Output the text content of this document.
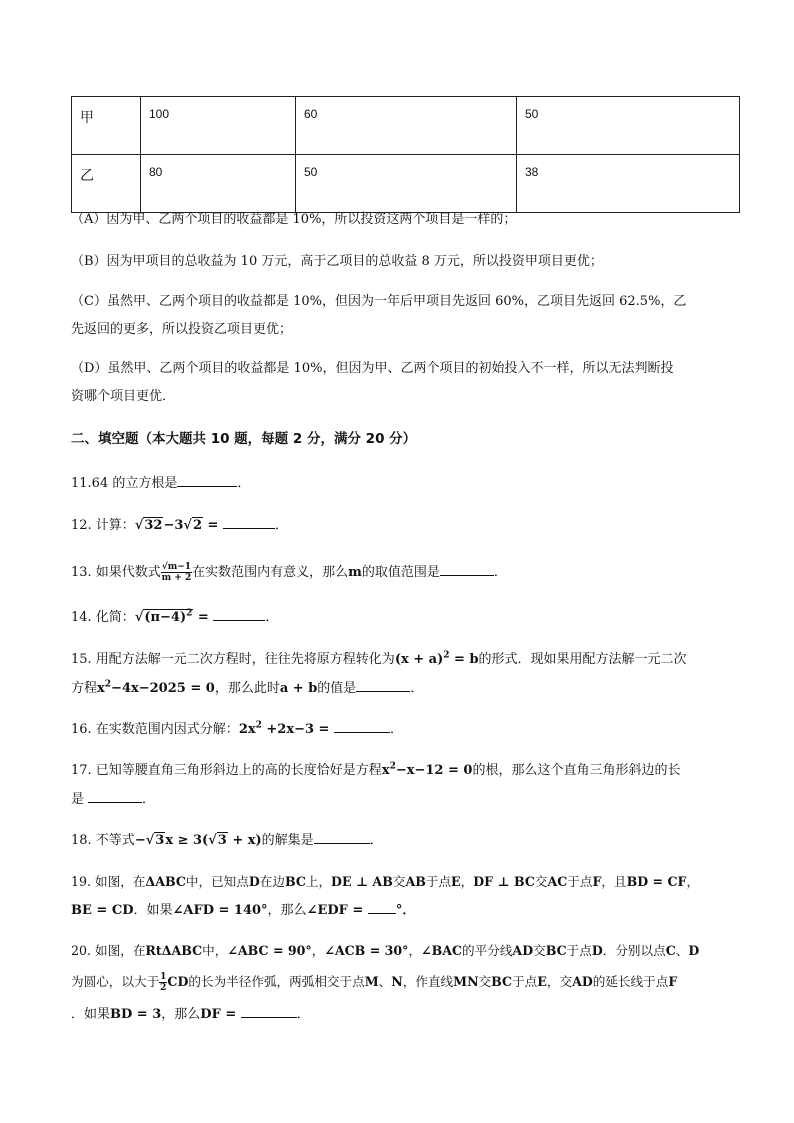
甲	100	60	50
乙	80	50	38
（A）因为甲、乙两个项目的收益都是 10%，所以投资这两个项目是一样的；
（B）因为甲项目的总收益为 10 万元，高于乙项目的总收益 8 万元，所以投资甲项目更优；
（C）虽然甲、乙两个项目的收益都是 10%，但因为一年后甲项目先返回 60%，乙项目先返回 62.5%，乙
先返回的更多，所以投资乙项目更优；
（D）虽然甲、乙两个项目的收益都是 10%，但因为甲、乙两个项目的初始投入不一样，所以无法判断投
资哪个项目更优．
二、填空题（本大题共 10 题，每题 2 分，满分 20 分）
11.64 的立方根是	．
12. 计算：√32−3√2 =	．
13. 如果代数式 $\frac{√m-1}{m + 2}$ 在实数范围内有意义，那么m的取值范围是	．
14. 化简：$√(\pi-4)^2$ =	．
15. 用配方法解一元二次方程时，往往先将原方程转化为$(x + a)^2 = b$的形式．现如果用配方法解一元二次
方程$x^2-4x-2025 = 0$，那么此时a + b的值是	．
16. 在实数范围内因式分解：$2x^2 +2x-3$ =	．
17. 已知等腰直角三角形斜边上的高的长度恰好是方程$x^2-x-12 = 0$的根，那么这个直角三角形斜边的长
是	．
18. 不等式−√3x ≥ 3(√3 + x)的解集是	．
19. 如图，在ΔABC中，已知点D在边BC上，DE ⊥ AB交AB于点E，DF ⊥ BC交AC于点F，且BD = CF，
BE = CD．如果∠AFD = 140°，那么∠EDF = °．
20. 如图，在RtΔABC中，∠ABC = 90°，∠ACB = 30°，∠BAC的平分线AD交BC于点D．分别以点C、D
为圆心，以大于 $\frac{1}{2}$ CD的长为半径作弧，两弧相交于点M、N，作直线MN交BC于点E，交AD的延长线于点F
．如果BD = 3，那么DF =	．
